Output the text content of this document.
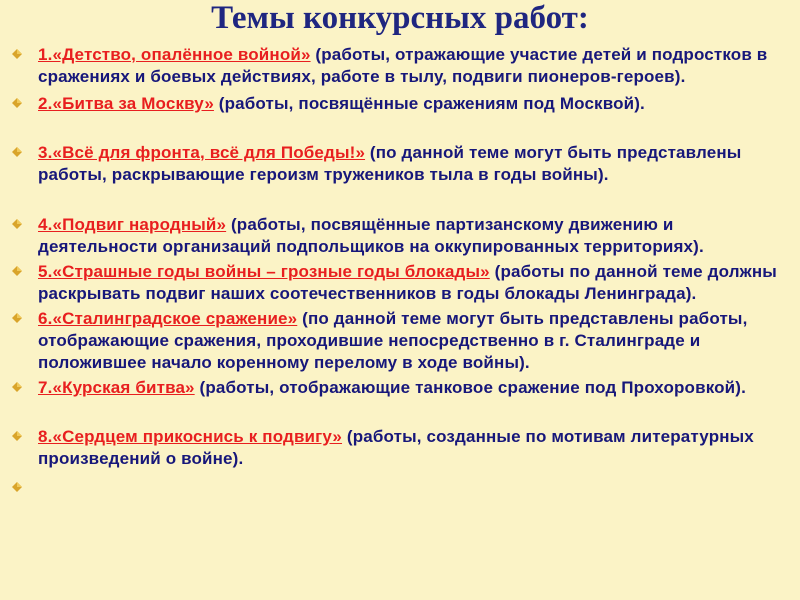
Темы конкурсных работ:
1.«Детство, опалённое войной» (работы, отражающие участие детей и подростков в сражениях и боевых действиях, работе в тылу, подвиги пионеров-героев).
2.«Битва за Москву» (работы, посвящённые сражениям под Москвой).
3.«Всё для фронта, всё для Победы!» (по данной теме могут быть представлены работы, раскрывающие героизм тружеников тыла в годы войны).
4.«Подвиг народный» (работы, посвящённые партизанскому движению и деятельности организаций подпольщиков на оккупированных территориях).
5.«Страшные годы войны – грозные годы блокады» (работы по данной теме должны раскрывать подвиг наших соотечественников в годы блокады Ленинграда).
6.«Сталинградское сражение» (по данной теме могут быть представлены работы, отображающие сражения, проходившие непосредственно в г. Сталинграде и положившее начало коренному перелому в ходе войны).
7.«Курская битва» (работы, отображающие танковое сражение под Прохоровкой).
8.«Сердцем прикоснись к подвигу» (работы, созданные по мотивам литературных произведений о войне).
